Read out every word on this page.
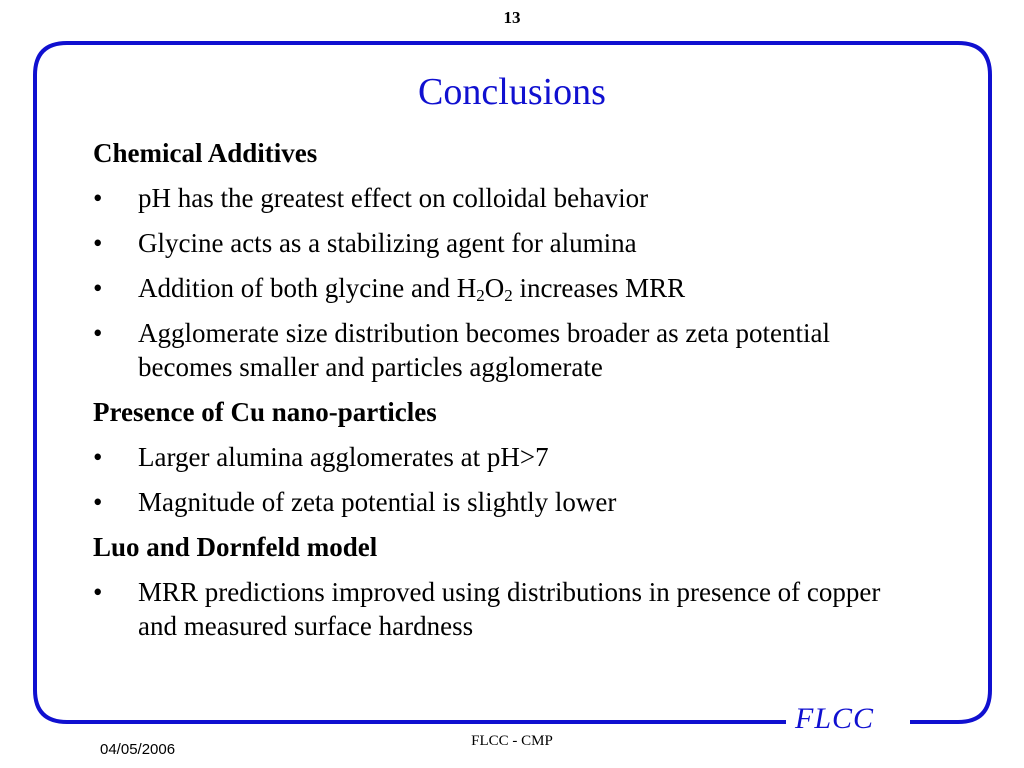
13
Conclusions
Chemical Additives
• pH has the greatest effect on colloidal behavior
• Glycine acts as a stabilizing agent for alumina
• Addition of both glycine and $H_2O_2$ increases MRR
• Agglomerate size distribution becomes broader as zeta potential becomes smaller and particles agglomerate
Presence of Cu nano-particles
• Larger alumina agglomerates at pH>7
• Magnitude of zeta potential is slightly lower
Luo and Dornfeld model
• MRR predictions improved using distributions in presence of copper and measured surface hardness
FLCC
FLCC - CMP
04/05/2006
